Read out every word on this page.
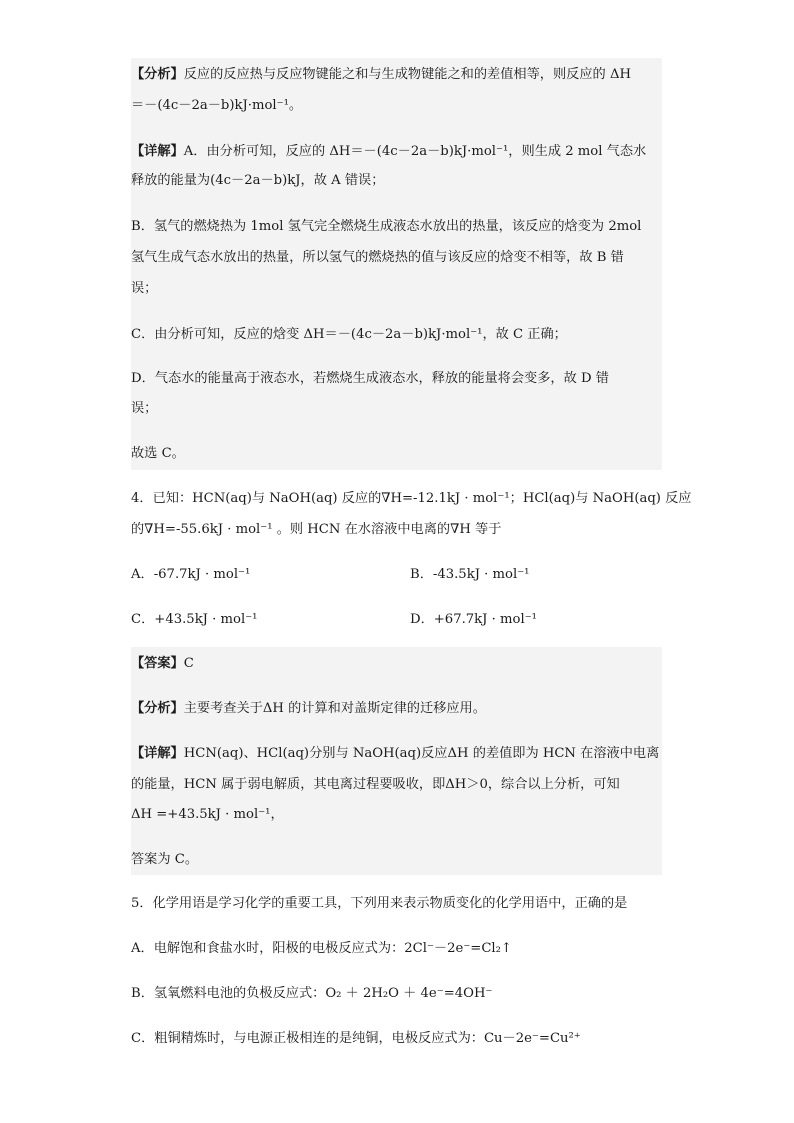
【分析】反应的反应热与反应物键能之和与生成物键能之和的差值相等，则反应的 ΔH
＝－(4c－2a－b)kJ·mol⁻¹。
【详解】A．由分析可知，反应的 ΔH＝－(4c－2a－b)kJ·mol⁻¹，则生成 2 mol 气态水
释放的能量为(4c－2a－b)kJ，故 A 错误；
B．氢气的燃烧热为 1mol 氢气完全燃烧生成液态水放出的热量，该反应的焓变为 2mol
氢气生成气态水放出的热量，所以氢气的燃烧热的值与该反应的焓变不相等，故 B 错
误；
C．由分析可知，反应的焓变 ΔH＝－(4c－2a－b)kJ·mol⁻¹，故 C 正确；
D．气态水的能量高于液态水，若燃烧生成液态水，释放的能量将会变多，故 D 错
误；
故选 C。
4．已知：HCN(aq)与 NaOH(aq) 反应的∇H=-12.1kJ · mol⁻¹；HCl(aq)与 NaOH(aq) 反应
的∇H=-55.6kJ · mol⁻¹ 。则 HCN 在水溶液中电离的∇H 等于
A．-67.7kJ · mol⁻¹	B．-43.5kJ · mol⁻¹
C．+43.5kJ · mol⁻¹	D．+67.7kJ · mol⁻¹
【答案】C
【分析】主要考查关于ΔH 的计算和对盖斯定律的迁移应用。
【详解】HCN(aq)、HCl(aq)分别与 NaOH(aq)反应ΔH 的差值即为 HCN 在溶液中电离
的能量，HCN 属于弱电解质，其电离过程要吸收，即ΔH＞0，综合以上分析，可知
ΔH =+43.5kJ · mol⁻¹，
答案为 C。
5．化学用语是学习化学的重要工具，下列用来表示物质变化的化学用语中，正确的是
A．电解饱和食盐水时，阳极的电极反应式为：2Cl⁻－2e⁻=Cl₂↑
B．氢氧燃料电池的负极反应式：O₂ ＋ 2H₂O ＋ 4e⁻=4OH⁻
C．粗铜精炼时，与电源正极相连的是纯铜，电极反应式为：Cu－2e⁻=Cu²⁺
